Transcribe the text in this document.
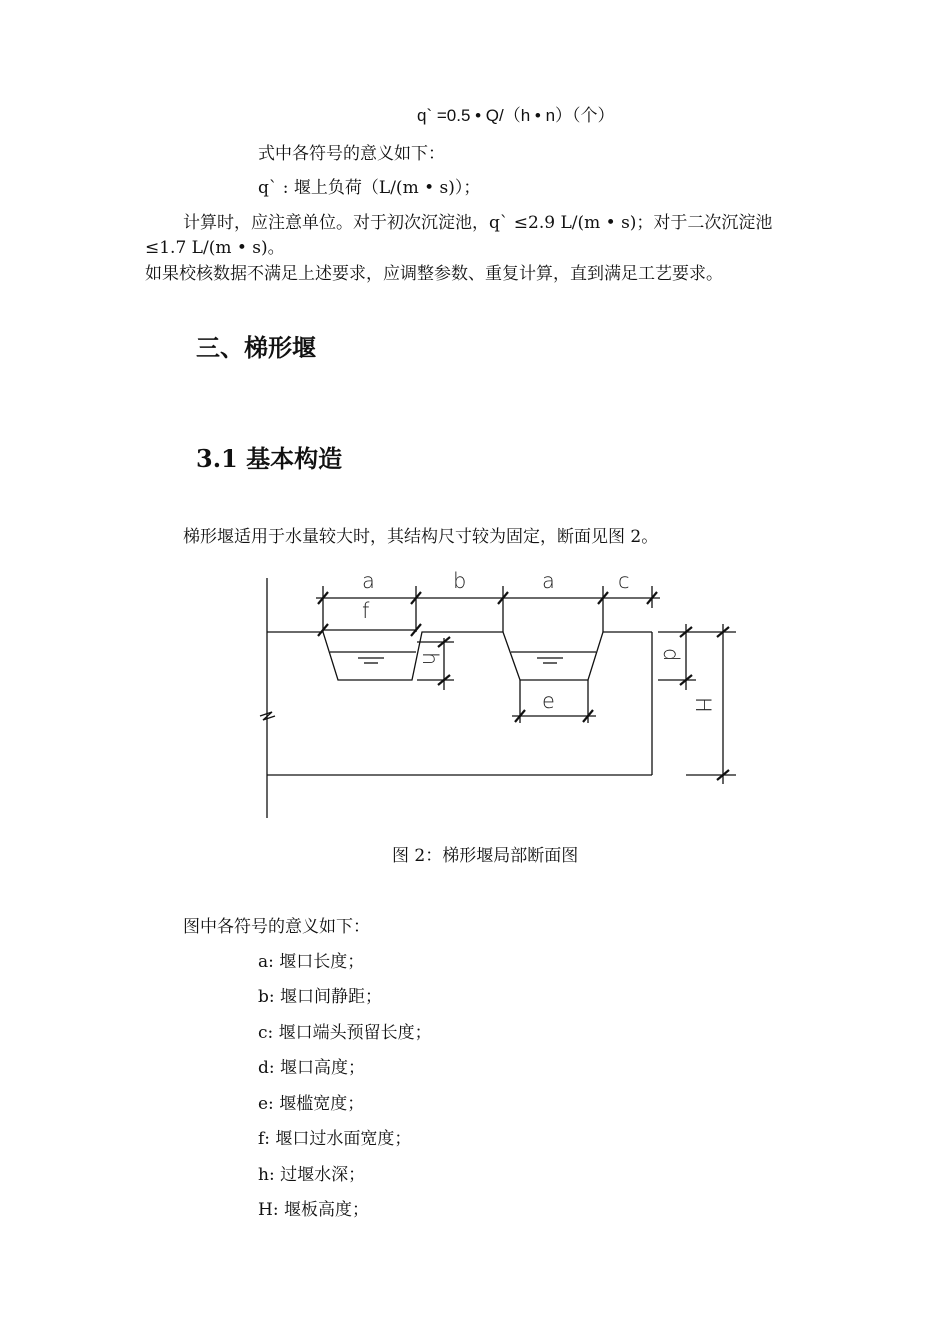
q` =0.5 • Q/（h • n）（个）
式中各符号的意义如下：
q` : 堰上负荷（L/(m • s)）；
计算时，应注意单位。对于初次沉淀池，q` ≤2.9 L/(m • s)；对于二次沉淀池
≤1.7 L/(m • s)。
如果校核数据不满足上述要求，应调整参数、重复计算，直到满足工艺要求。
三、梯形堰
3.1 基本构造
梯形堰适用于水量较大时，其结构尺寸较为固定，断面见图 2。
a	b	a	c
f
h
e
d
H
图 2：梯形堰局部断面图
图中各符号的意义如下：
a: 堰口长度；
b: 堰口间静距；
c: 堰口端头预留长度；
d: 堰口高度；
e: 堰槛宽度；
f: 堰口过水面宽度；
h: 过堰水深；
H: 堰板高度；
